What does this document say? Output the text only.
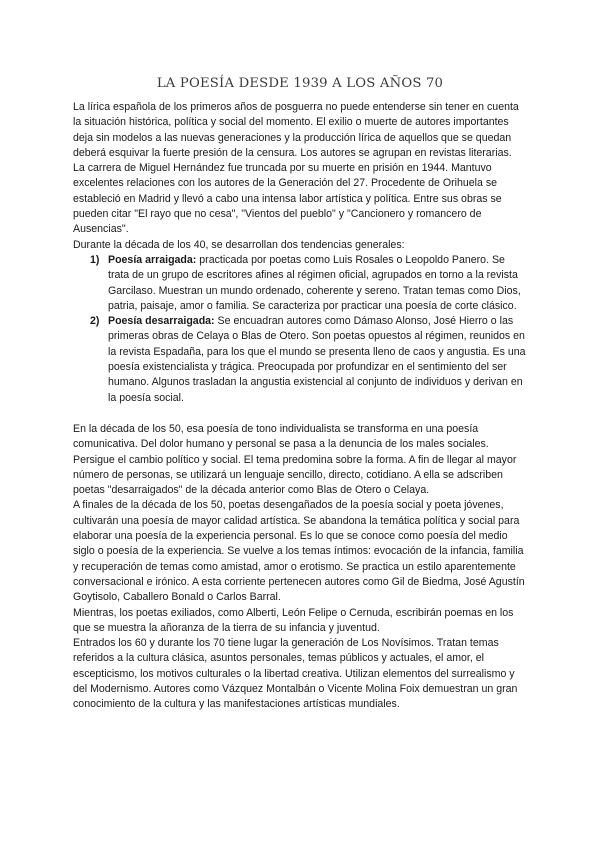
LA POESÍA DESDE 1939 A LOS AÑOS 70

La lírica española de los primeros años de posguerra no puede entenderse sin tener en cuenta la situación histórica, política y social del momento. El exilio o muerte de autores importantes deja sin modelos a las nuevas generaciones y la producción lírica de aquellos que se quedan deberá esquivar la fuerte presión de la censura. Los autores se agrupan en revistas literarias.

La carrera de Miguel Hernández fue truncada por su muerte en prisión en 1944. Mantuvo excelentes relaciones con los autores de la Generación del 27. Procedente de Orihuela se estableció en Madrid y llevó a cabo una intensa labor artística y política. Entre sus obras se pueden citar "El rayo que no cesa", "Vientos del pueblo" y "Cancionero y romancero de Ausencias".

Durante la década de los 40, se desarrollan dos tendencias generales:

1) Poesía arraigada: practicada por poetas como Luis Rosales o Leopoldo Panero. Se trata de un grupo de escritores afines al régimen oficial, agrupados en torno a la revista Garcilaso. Muestran un mundo ordenado, coherente y sereno. Tratan temas como Dios, patria, paisaje, amor o familia. Se caracteriza por practicar una poesía de corte clásico.
2) Poesía desarraigada: Se encuadran autores como Dámaso Alonso, José Hierro o las primeras obras de Celaya o Blas de Otero. Son poetas opuestos al régimen, reunidos en la revista Espadaña, para los que el mundo se presenta lleno de caos y angustia. Es una poesía existencialista y trágica. Preocupada por profundizar en el sentimiento del ser humano. Algunos trasladan la angustia existencial al conjunto de individuos y derivan en la poesía social.

En la década de los 50, esa poesía de tono individualista se transforma en una poesía comunicativa. Del dolor humano y personal se pasa a la denuncia de los males sociales. Persigue el cambio político y social. El tema predomina sobre la forma. A fin de llegar al mayor número de personas, se utilizará un lenguaje sencillo, directo, cotidiano. A ella se adscriben poetas "desarraigados" de la década anterior como Blas de Otero o Celaya.

A finales de la década de los 50, poetas desengañados de la poesía social y poeta jóvenes, cultivarán una poesía de mayor calidad artística. Se abandona la temática política y social para elaborar una poesía de la experiencia personal. Es lo que se conoce como poesía del medio siglo o poesía de la experiencia. Se vuelve a los temas íntimos: evocación de la infancia, familia y recuperación de temas como amistad, amor o erotismo. Se practica un estilo aparentemente conversacional e irónico. A esta corriente pertenecen autores como Gil de Biedma, José Agustín Goytisolo, Caballero Bonald o Carlos Barral.

Mientras, los poetas exiliados, como Alberti, León Felipe o Cernuda, escribirán poemas en los que se muestra la añoranza de la tierra de su infancia y juventud.

Entrados los 60 y durante los 70 tiene lugar la generación de Los Novísimos. Tratan temas referidos a la cultura clásica, asuntos personales, temas públicos y actuales, el amor, el escepticismo, los motivos culturales o la libertad creativa. Utilizan elementos del surrealismo y del Modernismo. Autores como Vázquez Montalbán o Vicente Molina Foix demuestran un gran conocimiento de la cultura y las manifestaciones artísticas mundiales.
